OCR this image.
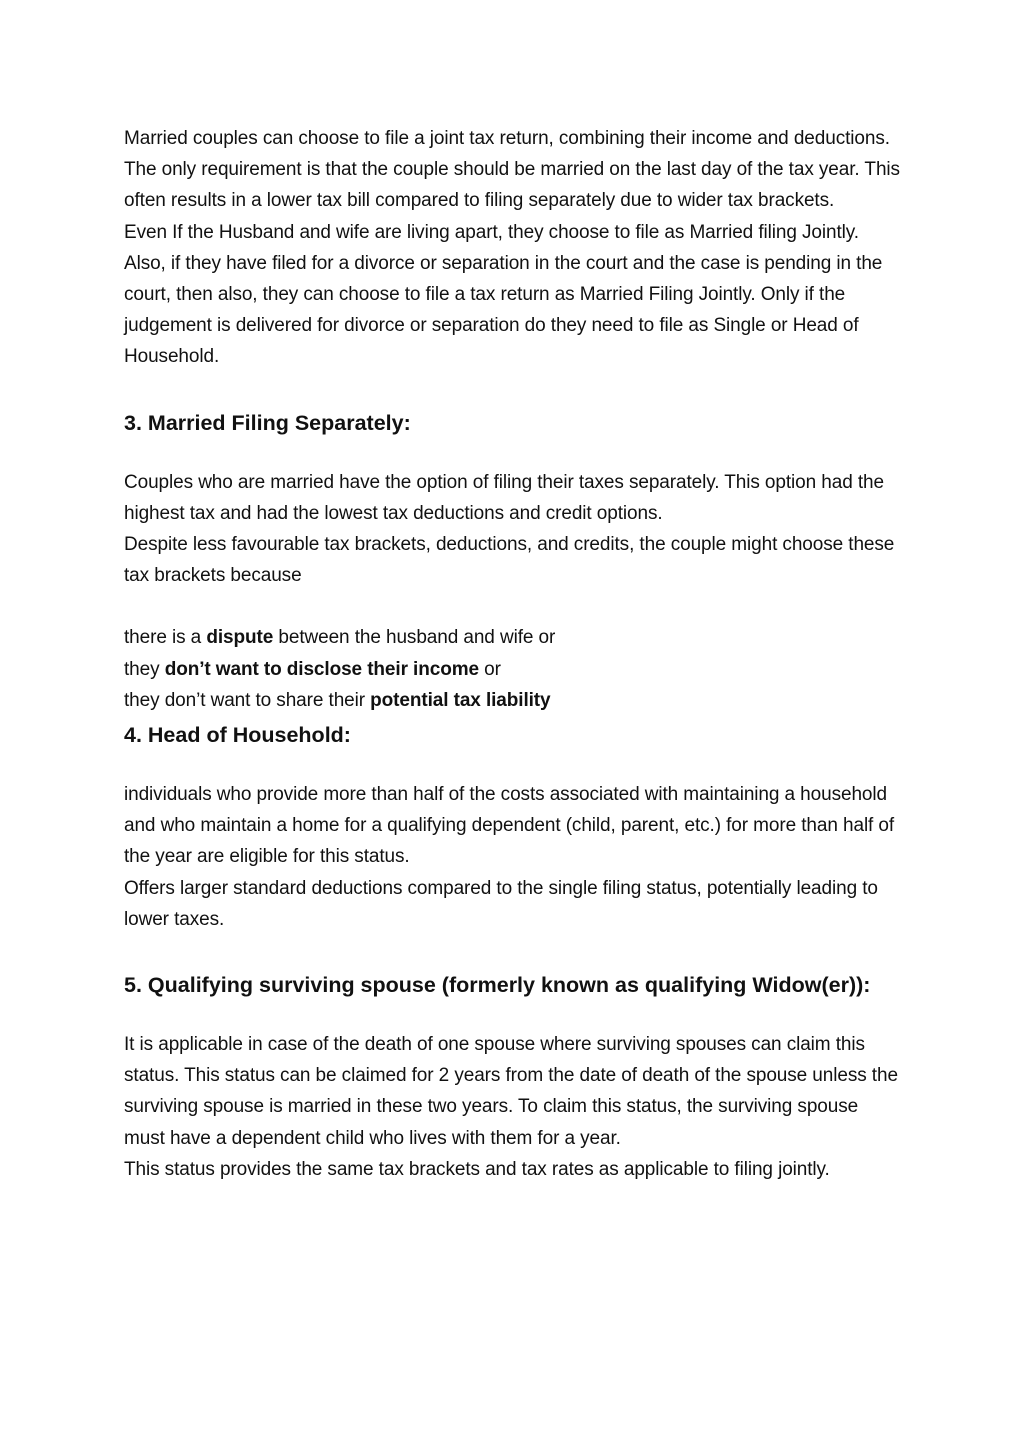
Married couples can choose to file a joint tax return, combining their income and deductions. The only requirement is that the couple should be married on the last day of the tax year. This often results in a lower tax bill compared to filing separately due to wider tax brackets.

Even If the Husband and wife are living apart, they choose to file as Married filing Jointly. Also, if they have filed for a divorce or separation in the court and the case is pending in the court, then also, they can choose to file a tax return as Married Filing Jointly. Only if the judgement is delivered for divorce or separation do they need to file as Single or Head of Household.

3. Married Filing Separately:

Couples who are married have the option of filing their taxes separately. This option had the highest tax and had the lowest tax deductions and credit options.

Despite less favourable tax brackets, deductions, and credits, the couple might choose these tax brackets because

there is a dispute between the husband and wife or

they don’t want to disclose their income or

they don’t want to share their potential tax liability

4. Head of Household:

individuals who provide more than half of the costs associated with maintaining a household and who maintain a home for a qualifying dependent (child, parent, etc.) for more than half of the year are eligible for this status.

Offers larger standard deductions compared to the single filing status, potentially leading to lower taxes.

5. Qualifying surviving spouse (formerly known as qualifying Widow(er)):

It is applicable in case of the death of one spouse where surviving spouses can claim this status. This status can be claimed for 2 years from the date of death of the spouse unless the surviving spouse is married in these two years. To claim this status, the surviving spouse must have a dependent child who lives with them for a year.

This status provides the same tax brackets and tax rates as applicable to filing jointly.
